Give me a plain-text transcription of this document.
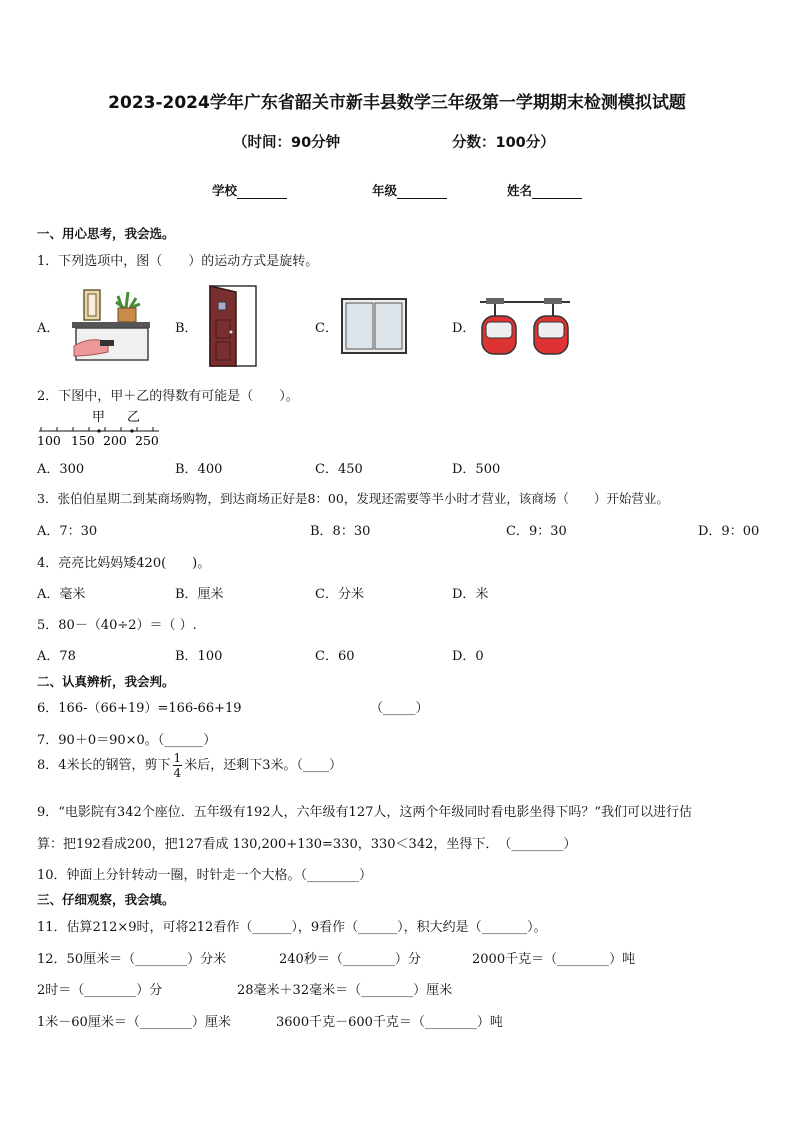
2023-2024学年广东省韶关市新丰县数学三年级第一学期期末检测模拟试题
（时间：90分钟	分数：100分）
学校	年级	姓名
一、用心思考，我会选。
1．下列选项中，图（　　）的运动方式是旋转。
A．	B．	C．	D．
2．下图中，甲＋乙的得数有可能是（　　）。
甲 乙
100 150 200 250
A．300	B．400	C．450	D．500
3．张伯伯星期二到某商场购物，到达商场正好是8：00，发现还需要等半小时才营业，该商场（　　）开始营业。
A．7：30	B．8：30	C．9：30	D．9：00
4．亮亮比妈妈矮420(　　)。
A．毫米	B．厘米	C．分米	D．米
5．80－（40÷2）＝（ ）.
A．78	B．100	C．60	D．0
二、认真辨析，我会判。
6．166-（66+19）=166-66+19	（_____）
7．90＋0＝90×0。（______）
8．4米长的钢管，剪下 $\frac{1}{4}$ 米后，还剩下3米。（____）
9．“电影院有342个座位．五年级有192人，六年级有127人，这两个年级同时看电影坐得下吗？”我们可以进行估
算：把192看成200，把127看成 130,200+130=330，330＜342，坐得下．　（________）
10．钟面上分针转动一圈，时针走一个大格。（________）
三、仔细观察，我会填。
11．估算212×9时，可将212看作（______），9看作（______），积大约是（_______）。
12．50厘米＝（________）分米	240秒＝（________）分	2000千克＝（________）吨
2时＝（________）分	28毫米＋32毫米＝（________）厘米
1米－60厘米＝（________）厘米	3600千克－600千克＝（________）吨
